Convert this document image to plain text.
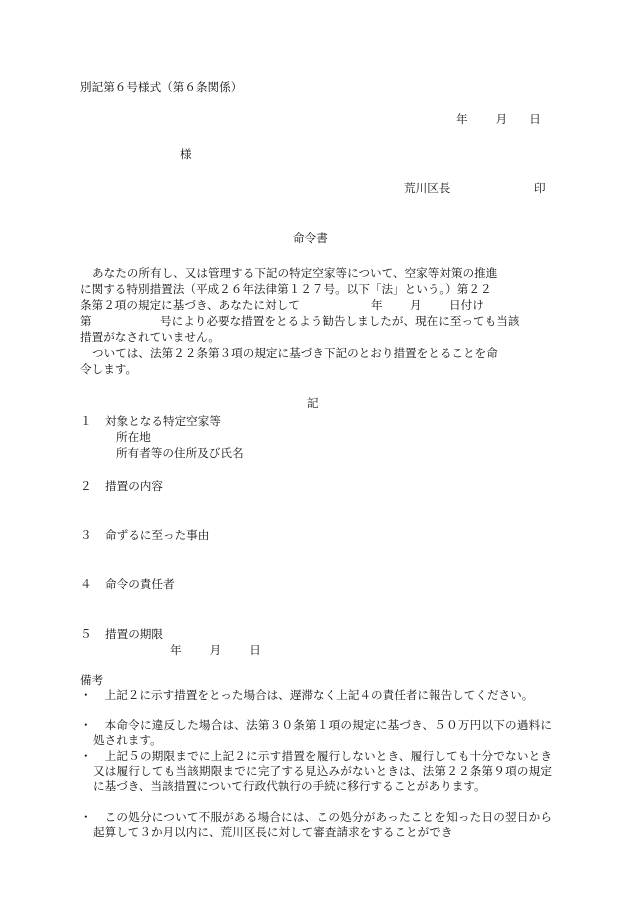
別記第６号様式（第６条関係）
年 月 日
様
荒川区長	印
命令書
あなたの所有し、又は管理する下記の特定空家等について、空家等対策の推進
に関する特別措置法（平成２６年法律第１２７号。以下「法」という。）第２２
条第２項の規定に基づき、あなたに対して	年 月 日付け
第	号により必要な措置をとるよう勧告しましたが、現在に至っても当該
措置がなされていません。
ついては、法第２２条第３項の規定に基づき下記のとおり措置をとることを命
令します。
記
１ 対象となる特定空家等
所在地
所有者等の住所及び氏名
２ 措置の内容
３ 命ずるに至った事由
４ 命令の責任者
５ 措置の期限
年 月 日
備考
・	上記２に示す措置をとった場合は、遅滞なく上記４の責任者に報告してください。
・	本命令に違反した場合は、法第３０条第１項の規定に基づき、５０万円以下の過料に処されます。
・	上記５の期限までに上記２に示す措置を履行しないとき、履行しても十分でないとき又は履行しても当該期限までに完了する見込みがないときは、法第２２条第９項の規定に基づき、当該措置について行政代執行の手続に移行することがあります。
・	この処分について不服がある場合には、この処分があったことを知った日の翌日から起算して３か月以内に、荒川区長に対して審査請求をすることができ
